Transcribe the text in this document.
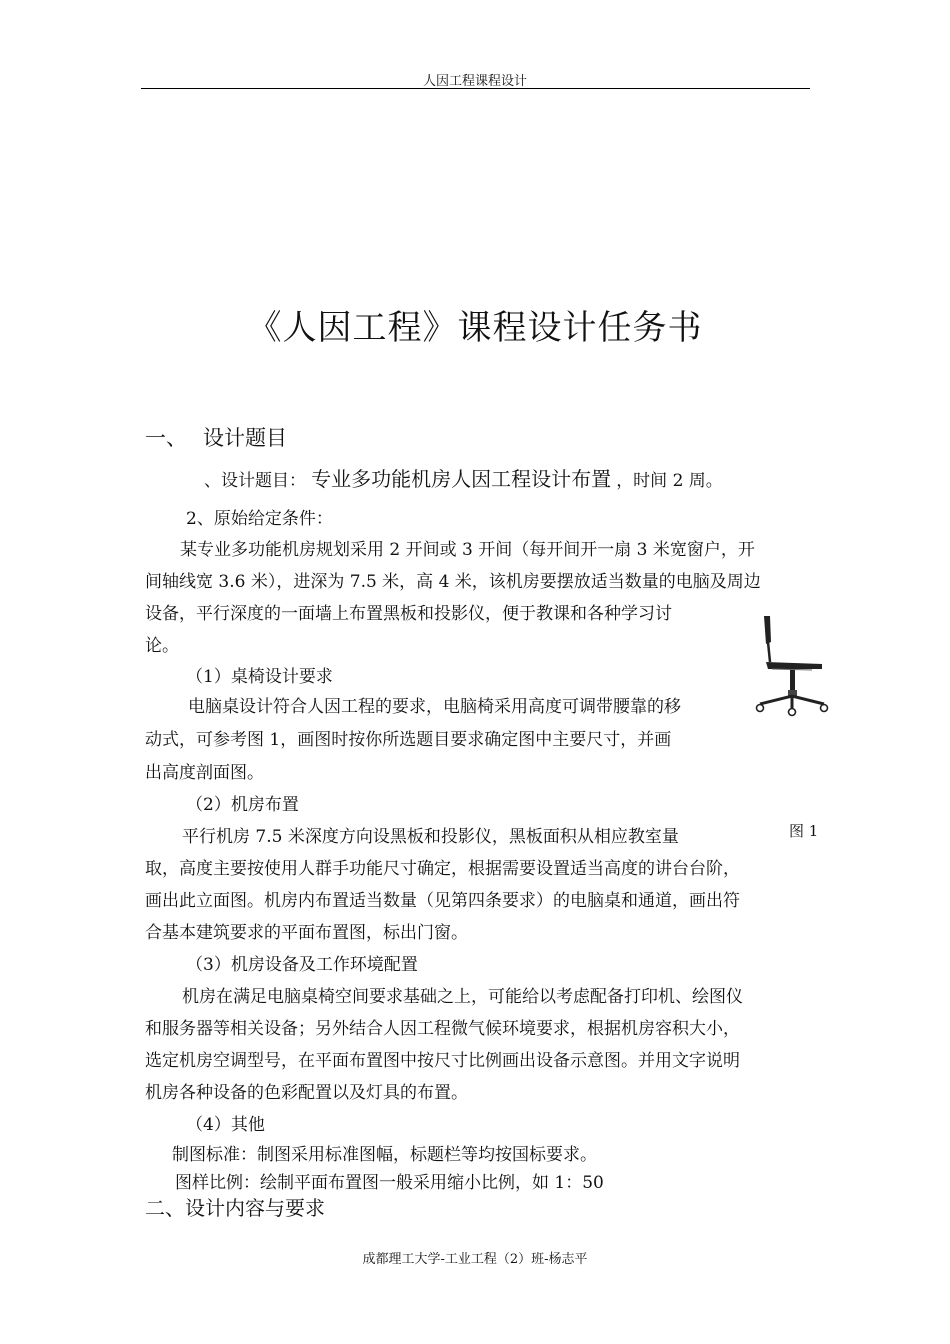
人因工程课程设计
《人因工程》课程设计任务书
一、 设计题目
、设计题目： 专业多功能机房人因工程设计布置 ，时间 2 周。
2、原始给定条件：
某专业多功能机房规划采用 2 开间或 3 开间（每开间开一扇 3 米宽窗户，开
间轴线宽 3.6 米），进深为 7.5 米，高 4 米，该机房要摆放适当数量的电脑及周边
设备，平行深度的一面墙上布置黑板和投影仪，便于教课和各种学习讨
论。
（1）桌椅设计要求
电脑桌设计符合人因工程的要求，电脑椅采用高度可调带腰靠的移
动式，可参考图 1，画图时按你所选题目要求确定图中主要尺寸，并画
出高度剖面图。
（2）机房布置
平行机房 7.5 米深度方向设黑板和投影仪，黑板面积从相应教室量
取，高度主要按使用人群手功能尺寸确定，根据需要设置适当高度的讲台台阶，
画出此立面图。机房内布置适当数量（见第四条要求）的电脑桌和通道，画出符
合基本建筑要求的平面布置图，标出门窗。
图 1
（3）机房设备及工作环境配置
机房在满足电脑桌椅空间要求基础之上，可能给以考虑配备打印机、绘图仪
和服务器等相关设备；另外结合人因工程微气候环境要求，根据机房容积大小，
选定机房空调型号，在平面布置图中按尺寸比例画出设备示意图。并用文字说明
机房各种设备的色彩配置以及灯具的布置。
（4）其他
制图标准：制图采用标准图幅，标题栏等均按国标要求。
图样比例：绘制平面布置图一般采用缩小比例，如 1：50
二、设计内容与要求
成都理工大学-工业工程（2）班-杨志平
